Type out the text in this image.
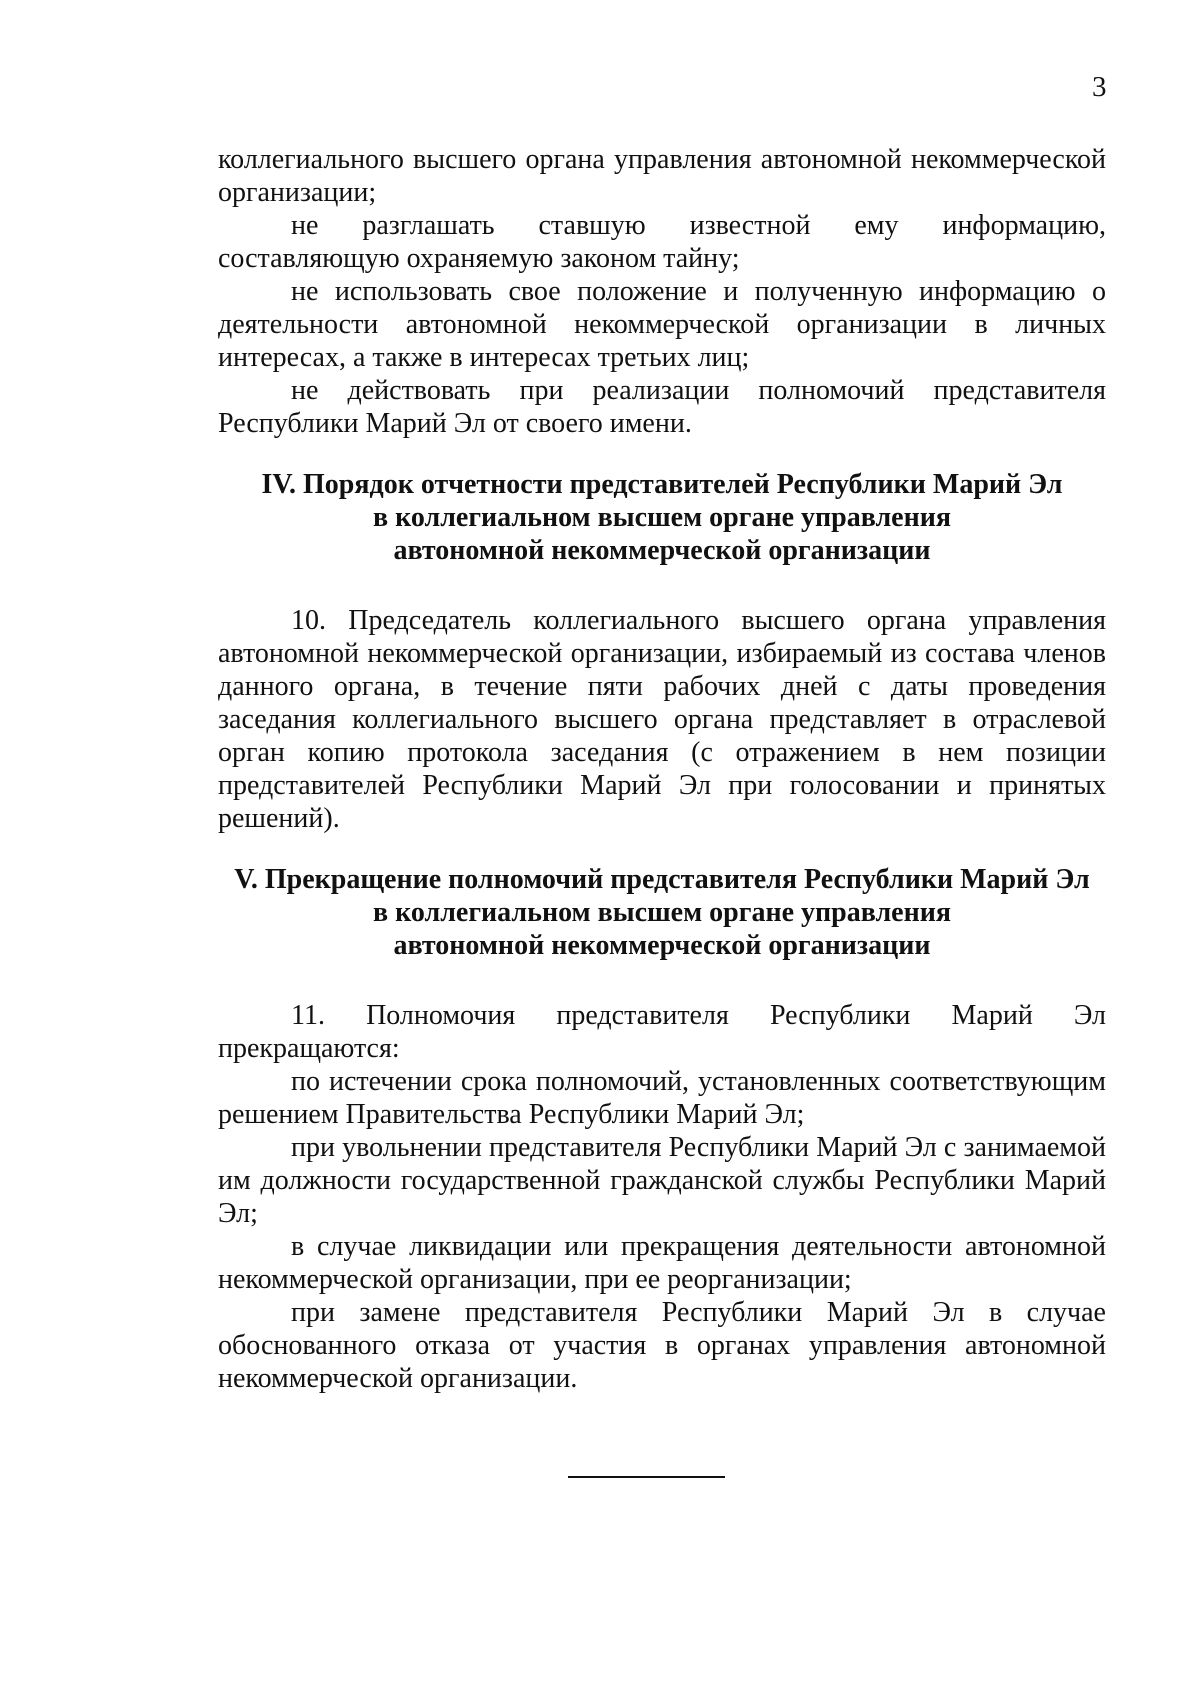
3

коллегиального высшего органа управления автономной некоммерческой организации;

не разглашать ставшую известной ему информацию, составляющую охраняемую законом тайну;

не использовать свое положение и полученную информацию о деятельности автономной некоммерческой организации в личных интересах, а также в интересах третьих лиц;

не действовать при реализации полномочий представителя Республики Марий Эл от своего имени.

IV. Порядок отчетности представителей Республики Марий Эл
в коллегиальном высшем органе управления
автономной некоммерческой организации

10. Председатель коллегиального высшего органа управления автономной некоммерческой организации, избираемый из состава членов данного органа, в течение пяти рабочих дней с даты проведения заседания коллегиального высшего органа представляет в отраслевой орган копию протокола заседания (с отражением в нем позиции представителей Республики Марий Эл при голосовании и принятых решений).

V. Прекращение полномочий представителя Республики Марий Эл
в коллегиальном высшем органе управления
автономной некоммерческой организации

11. Полномочия представителя Республики Марий Эл прекращаются:

по истечении срока полномочий, установленных соответствующим решением Правительства Республики Марий Эл;

при увольнении представителя Республики Марий Эл с занимаемой им должности государственной гражданской службы Республики Марий Эл;

в случае ликвидации или прекращения деятельности автономной некоммерческой организации, при ее реорганизации;

при замене представителя Республики Марий Эл в случае обоснованного отказа от участия в органах управления автономной некоммерческой организации.
